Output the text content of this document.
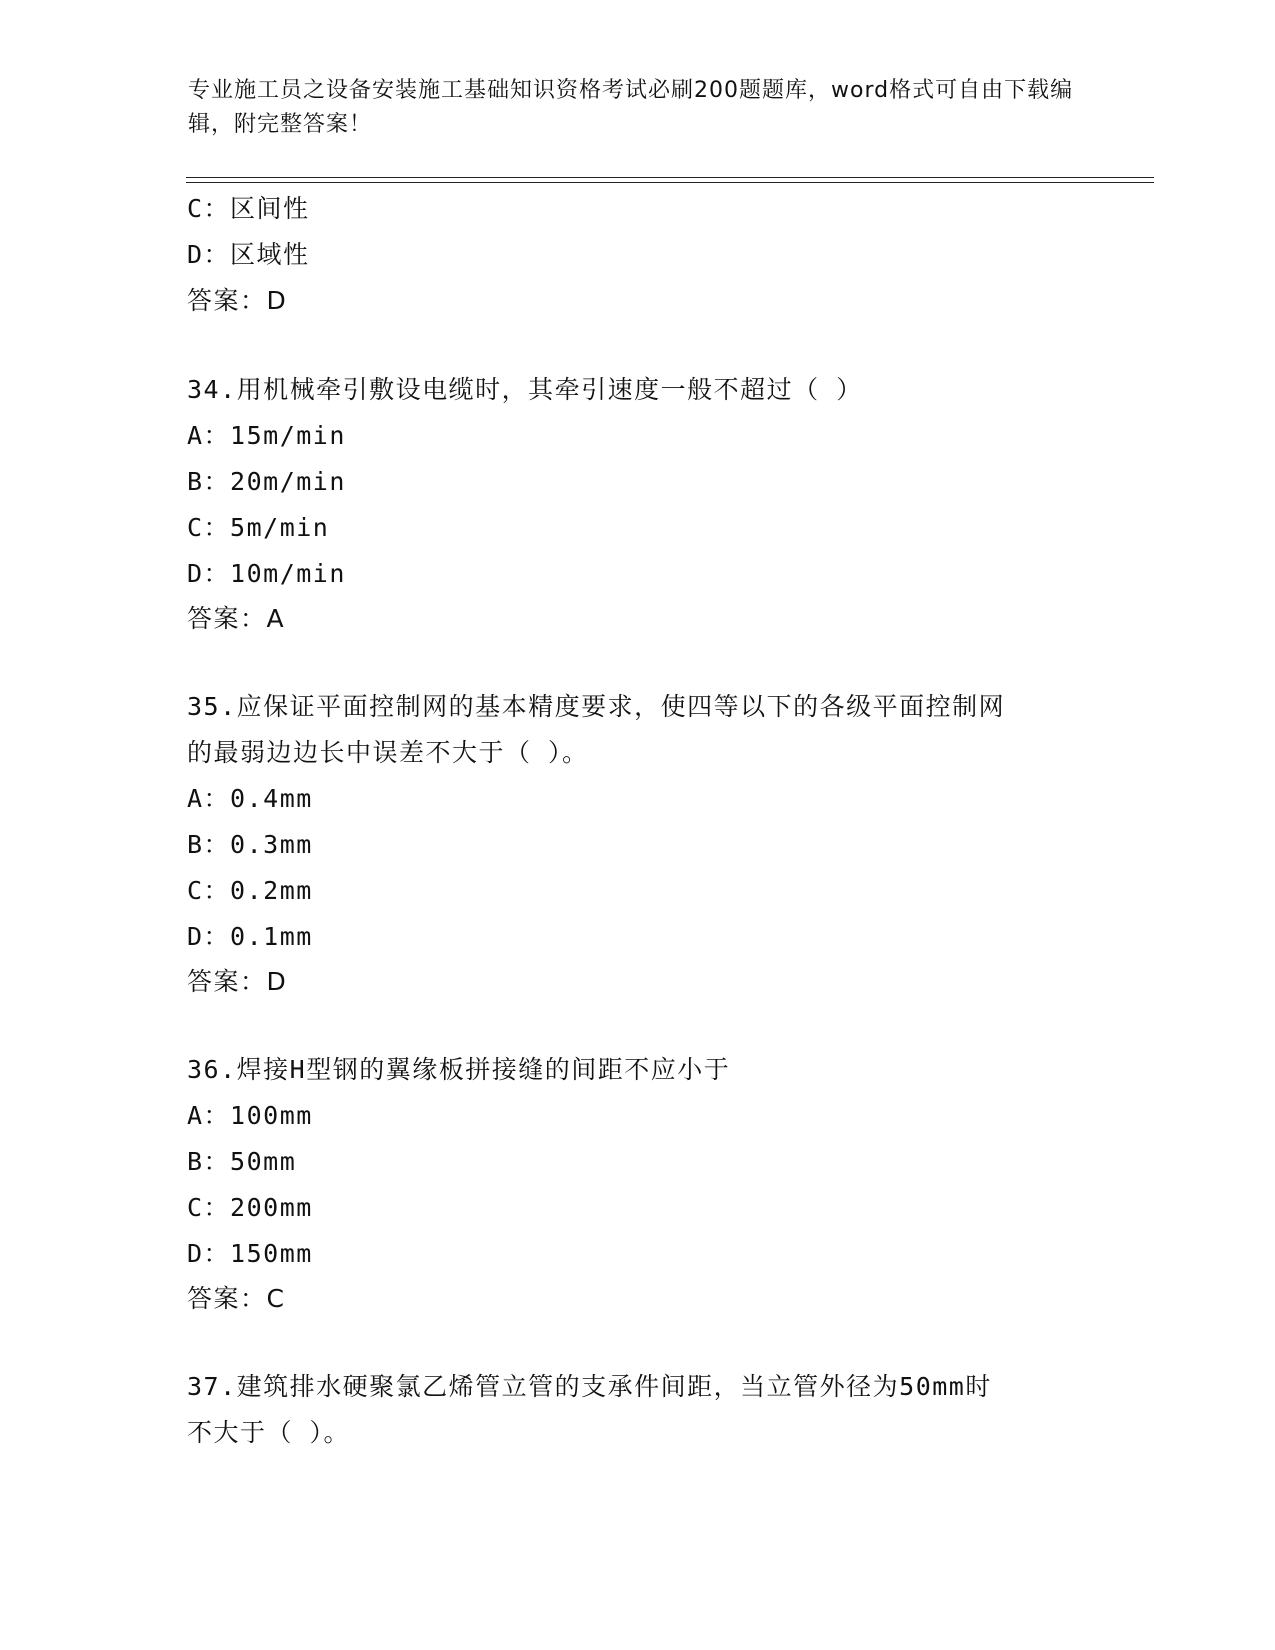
专业施工员之设备安装施工基础知识资格考试必刷200题题库，word格式可自由下载编辑，附完整答案！
C：区间性
D：区域性
答案：D
34.用机械牵引敷设电缆时，其牵引速度一般不超过（ ）
A：15m/min
B：20m/min
C：5m/min
D：10m/min
答案：A
35.应保证平面控制网的基本精度要求，使四等以下的各级平面控制网
的最弱边边长中误差不大于（ ）。
A：0.4mm
B：0.3mm
C：0.2mm
D：0.1mm
答案：D
36.焊接H型钢的翼缘板拼接缝的间距不应小于
A：100mm
B：50mm
C：200mm
D：150mm
答案：C
37.建筑排水硬聚氯乙烯管立管的支承件间距，当立管外径为50mm时
不大于（ ）。
